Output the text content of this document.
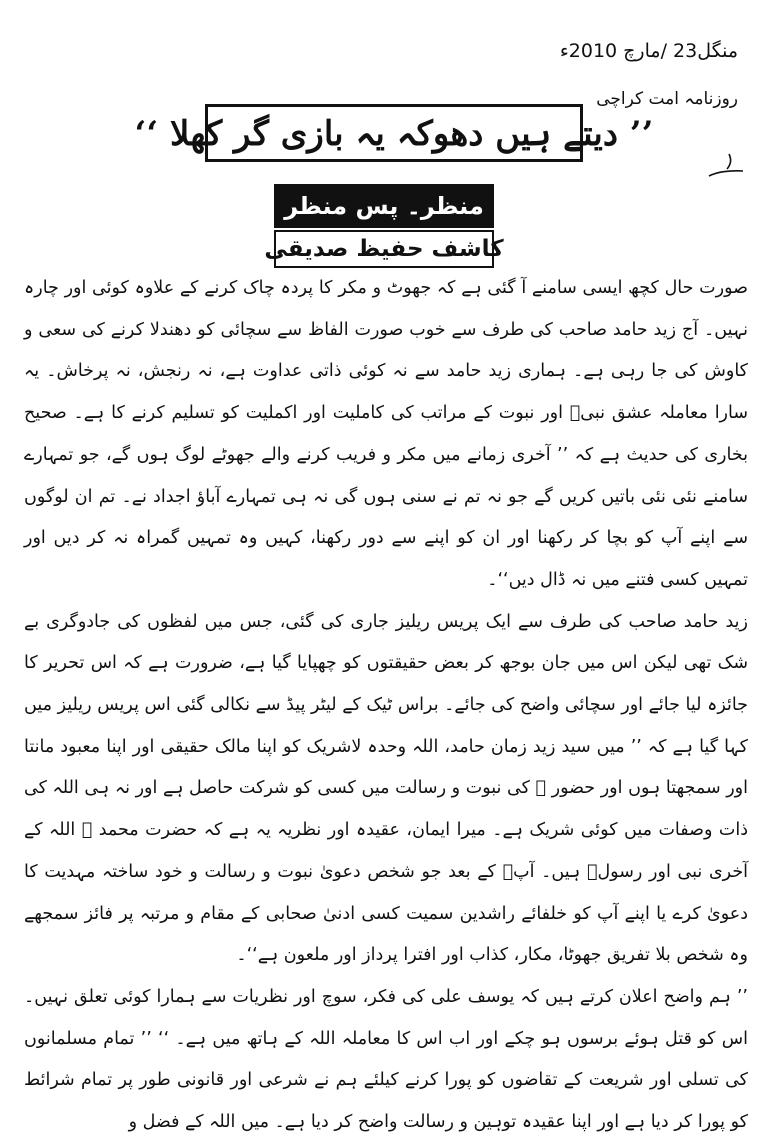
منگل23 /مارچ 2010ء
روزنامہ امت کراچی
’’ دیتے ہیں دھوکہ یہ بازی گر کھلا ‘‘
منظر۔ پس منظر
کاشف حفیظ صدیقی

صورت حال کچھ ایسی سامنے آ گئی ہے کہ جھوٹ و مکر کا پردہ چاک کرنے کے علاوہ کوئی اور چارہ نہیں۔ آج زید حامد صاحب کی طرف سے خوب صورت الفاظ سے سچائی کو دھندلا کرنے کی سعی و کاوش کی جا رہی ہے۔ ہماری زید حامد سے نہ کوئی ذاتی عداوت ہے، نہ رنجش، نہ پرخاش۔ یہ سارا معاملہ عشق نبیؐ اور نبوت کے مراتب کی کاملیت اور اکملیت کو تسلیم کرنے کا ہے۔ صحیح بخاری کی حدیث ہے کہ ’’ آخری زمانے میں مکر و فریب کرنے والے جھوٹے لوگ ہوں گے، جو تمہارے سامنے نئی نئی باتیں کریں گے جو نہ تم نے سنی ہوں گی نہ ہی تمہارے آباؤ اجداد نے۔ تم ان لوگوں سے اپنے آپ کو بچا کر رکھنا اور ان کو اپنے سے دور رکھنا، کہیں وہ تمہیں گمراہ نہ کر دیں اور تمہیں کسی فتنے میں نہ ڈال دیں‘‘۔

زید حامد صاحب کی طرف سے ایک پریس ریلیز جاری کی گئی، جس میں لفظوں کی جادوگری بے شک تھی لیکن اس میں جان بوجھ کر بعض حقیقتوں کو چھپایا گیا ہے، ضرورت ہے کہ اس تحریر کا جائزہ لیا جائے اور سچائی واضح کی جائے۔ براس ٹیک کے لیٹر پیڈ سے نکالی گئی اس پریس ریلیز میں کہا گیا ہے کہ ’’ میں سید زید زمان حامد، اللہ وحدہ لاشریک کو اپنا مالک حقیقی اور اپنا معبود مانتا اور سمجھتا ہوں اور حضور ﷺ کی نبوت و رسالت میں کسی کو شرکت حاصل ہے اور نہ ہی اللہ کی ذات وصفات میں کوئی شریک ہے۔ میرا ایمان، عقیدہ اور نظریہ یہ ہے کہ حضرت محمد ﷺ اللہ کے آخری نبی اور رسولؐ ہیں۔ آپؐ کے بعد جو شخص دعویٰ نبوت و رسالت و خود ساختہ مہدیت کا دعویٰ کرے یا اپنے آپ کو خلفائے راشدین سمیت کسی ادنیٰ صحابی کے مقام و مرتبہ پر فائز سمجھے وہ شخص بلا تفریق جھوٹا، مکار، کذاب اور افترا پرداز اور ملعون ہے‘‘۔

’’ ہم واضح اعلان کرتے ہیں کہ یوسف علی کی فکر، سوچ اور نظریات سے ہمارا کوئی تعلق نہیں۔ اس کو قتل ہوئے برسوں ہو چکے اور اب اس کا معاملہ اللہ کے ہاتھ میں ہے۔ ‘‘ ’’ تمام مسلمانوں کی تسلی اور شریعت کے تقاضوں کو پورا کرنے کیلئے ہم نے شرعی اور قانونی طور پر تمام شرائط کو پورا کر دیا ہے اور اپنا عقیدہ توہین و رسالت واضح کر دیا ہے۔ میں اللہ کے فضل و
